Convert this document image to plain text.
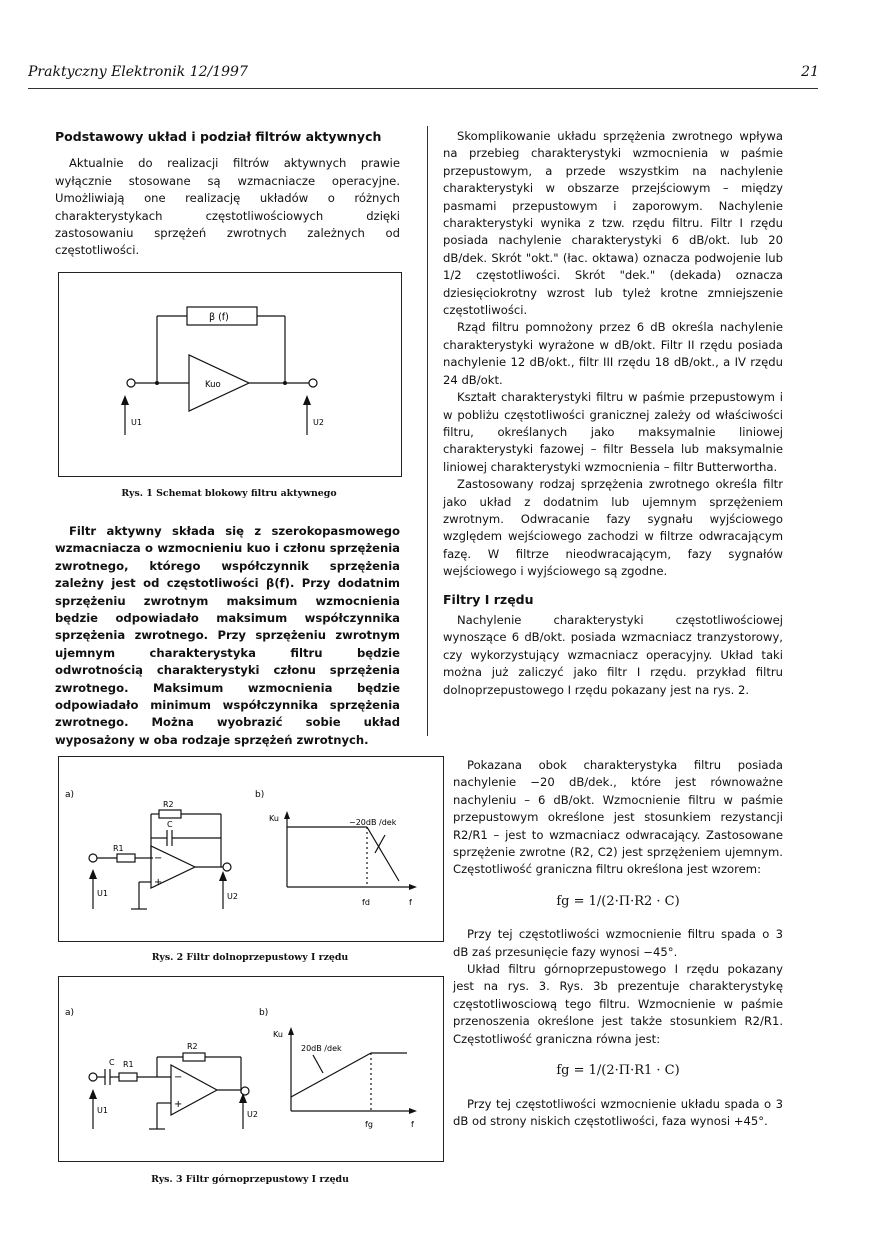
Praktyczny Elektronik 12/1997	21
Podstawowy układ i podział filtrów aktywnych

Aktualnie do realizacji filtrów aktywnych prawie wyłącznie stosowane są wzmacniacze operacyjne. Umożliwiają one realizację układów o różnych charakterystykach częstotliwościowych dzięki zastosowaniu sprzężeń zwrotnych zależnych od częstotliwości.

β (f)
Kuo
U1	U2
Rys. 1 Schemat blokowy filtru aktywnego

Filtr aktywny składa się z szerokopasmowego wzmacniacza o wzmocnieniu kuo i członu sprzężenia zwrotnego, którego współczynnik sprzężenia zależny jest od częstotliwości β(f). Przy dodatnim sprzężeniu zwrotnym maksimum wzmocnienia będzie odpowiadało maksimum współczynnika sprzężenia zwrotnego. Przy sprzężeniu zwrotnym ujemnym charakterystyka filtru będzie odwrotnością charakterystyki członu sprzężenia zwrotnego. Maksimum wzmocnienia będzie odpowiadało minimum współczynnika sprzężenia zwrotnego. Można wyobrazić sobie układ wyposażony w oba rodzaje sprzężeń zwrotnych.

Skomplikowanie układu sprzężenia zwrotnego wpływa na przebieg charakterystyki wzmocnienia w paśmie przepustowym, a przede wszystkim na nachylenie charakterystyki w obszarze przejściowym – między pasmami przepustowym i zaporowym. Nachylenie charakterystyki wynika z tzw. rzędu filtru. Filtr I rzędu posiada nachylenie charakterystyki 6 dB/okt. lub 20 dB/dek. Skrót "okt." (łac. oktawa) oznacza podwojenie lub 1/2 częstotliwości. Skrót "dek." (dekada) oznacza dziesięciokrotny wzrost lub tyleż krotne zmniejszenie częstotliwości.

Rząd filtru pomnożony przez 6 dB określa nachylenie charakterystyki wyrażone w dB/okt. Filtr II rzędu posiada nachylenie 12 dB/okt., filtr III rzędu 18 dB/okt., a IV rzędu 24 dB/okt.

Kształt charakterystyki filtru w paśmie przepustowym i w pobliżu częstotliwości granicznej zależy od właściwości filtru, określanych jako maksymalnie liniowej charakterystyki fazowej – filtr Bessela lub maksymalnie liniowej charakterystyki wzmocnienia – filtr Butterwortha.

Zastosowany rodzaj sprzężenia zwrotnego określa filtr jako układ z dodatnim lub ujemnym sprzężeniem zwrotnym. Odwracanie fazy sygnału wyjściowego względem wejściowego zachodzi w filtrze odwracającym fazę. W filtrze nieodwracającym, fazy sygnałów wejściowego i wyjściowego są zgodne.

Filtry I rzędu

Nachylenie charakterystyki częstotliwościowej wynoszące 6 dB/okt. posiada wzmacniacz tranzystorowy, czy wykorzystujący wzmacniacz operacyjny. Układ taki można już zaliczyć jako filtr I rzędu. przykład filtru dolnoprzepustowego I rzędu pokazany jest na rys. 2.

a)	b)
R2
C
R1
−
+
U1	U2
Ku	−20dB /dek
fd	f
Rys. 2 Filtr dolnoprzepustowy I rzędu
a)	b)
R2
C R1
−
+
U1	U2
Ku
20dB /dek
fg	f
Rys. 3 Filtr górnoprzepustowy I rzędu

Pokazana obok charakterystyka filtru posiada nachylenie −20 dB/dek., które jest równoważne nachyleniu – 6 dB/okt. Wzmocnienie filtru w paśmie przepustowym określone jest stosunkiem rezystancji R2/R1 – jest to wzmacniacz odwracający. Zastosowane sprzężenie zwrotne (R2, C2) jest sprzężeniem ujemnym. Częstotliwość graniczna filtru określona jest wzorem:

fg = 1/(2·Π·R2 · C)

Przy tej częstotliwości wzmocnienie filtru spada o 3 dB zaś przesunięcie fazy wynosi −45°.

Układ filtru górnoprzepustowego I rzędu pokazany jest na rys. 3. Rys. 3b prezentuje charakterystykę częstotliwosciową tego filtru. Wzmocnienie w paśmie przenoszenia określone jest także stosunkiem R2/R1. Częstotliwość graniczna równa jest:

fg = 1/(2·Π·R1 · C)

Przy tej częstotliwości wzmocnienie układu spada o 3 dB od strony niskich częstotliwości, faza wynosi +45°.
